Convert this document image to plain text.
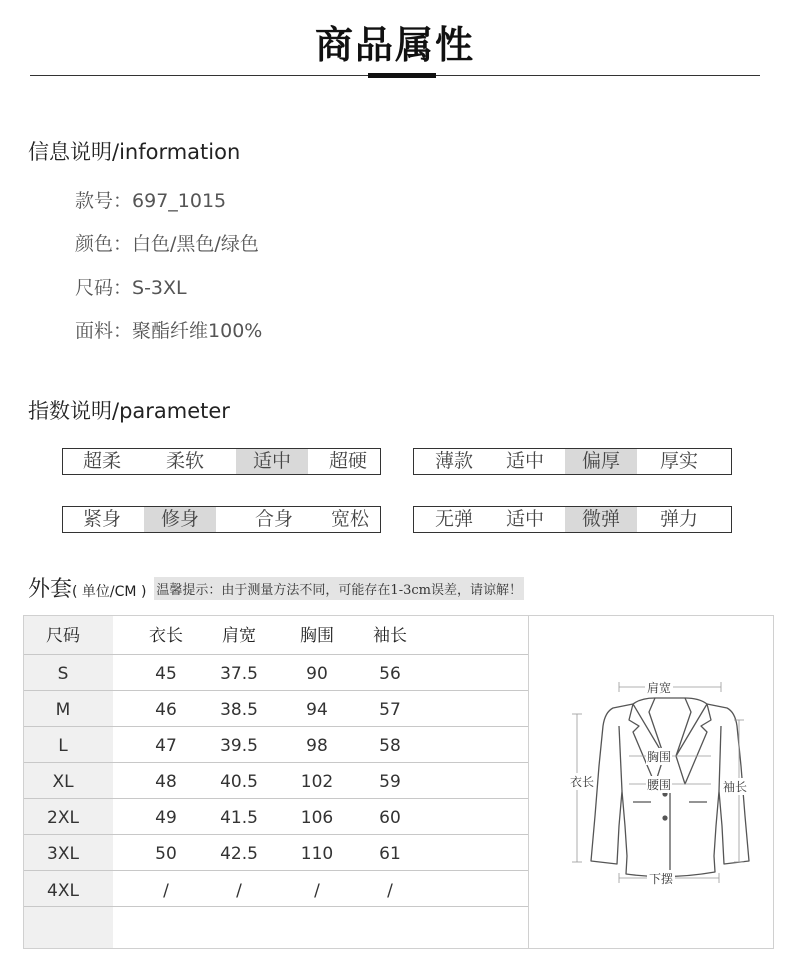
商品属性
信息说明/information
款号：697_1015
颜色：白色/黑色/绿色
尺码：S-3XL
面料：聚酯纤维100%
指数说明/parameter
超柔	柔软	适中	超硬	薄款	适中	偏厚	厚实
紧身	修身	合身	宽松	无弹	适中	微弹	弹力
外套( 单位/CM ) 温馨提示：由于测量方法不同，可能存在1-3cm误差，请谅解！
尺码	衣长	肩宽	胸围	袖长
S	45	37.5	90	56
M	46	38.5	94	57
L	47	39.5	98	58
XL	48	40.5	102	59
2XL	49	41.5	106	60
3XL	50	42.5	110	61
4XL	/	/	/	/
肩宽
胸围
腰围
衣长	袖长
下摆
